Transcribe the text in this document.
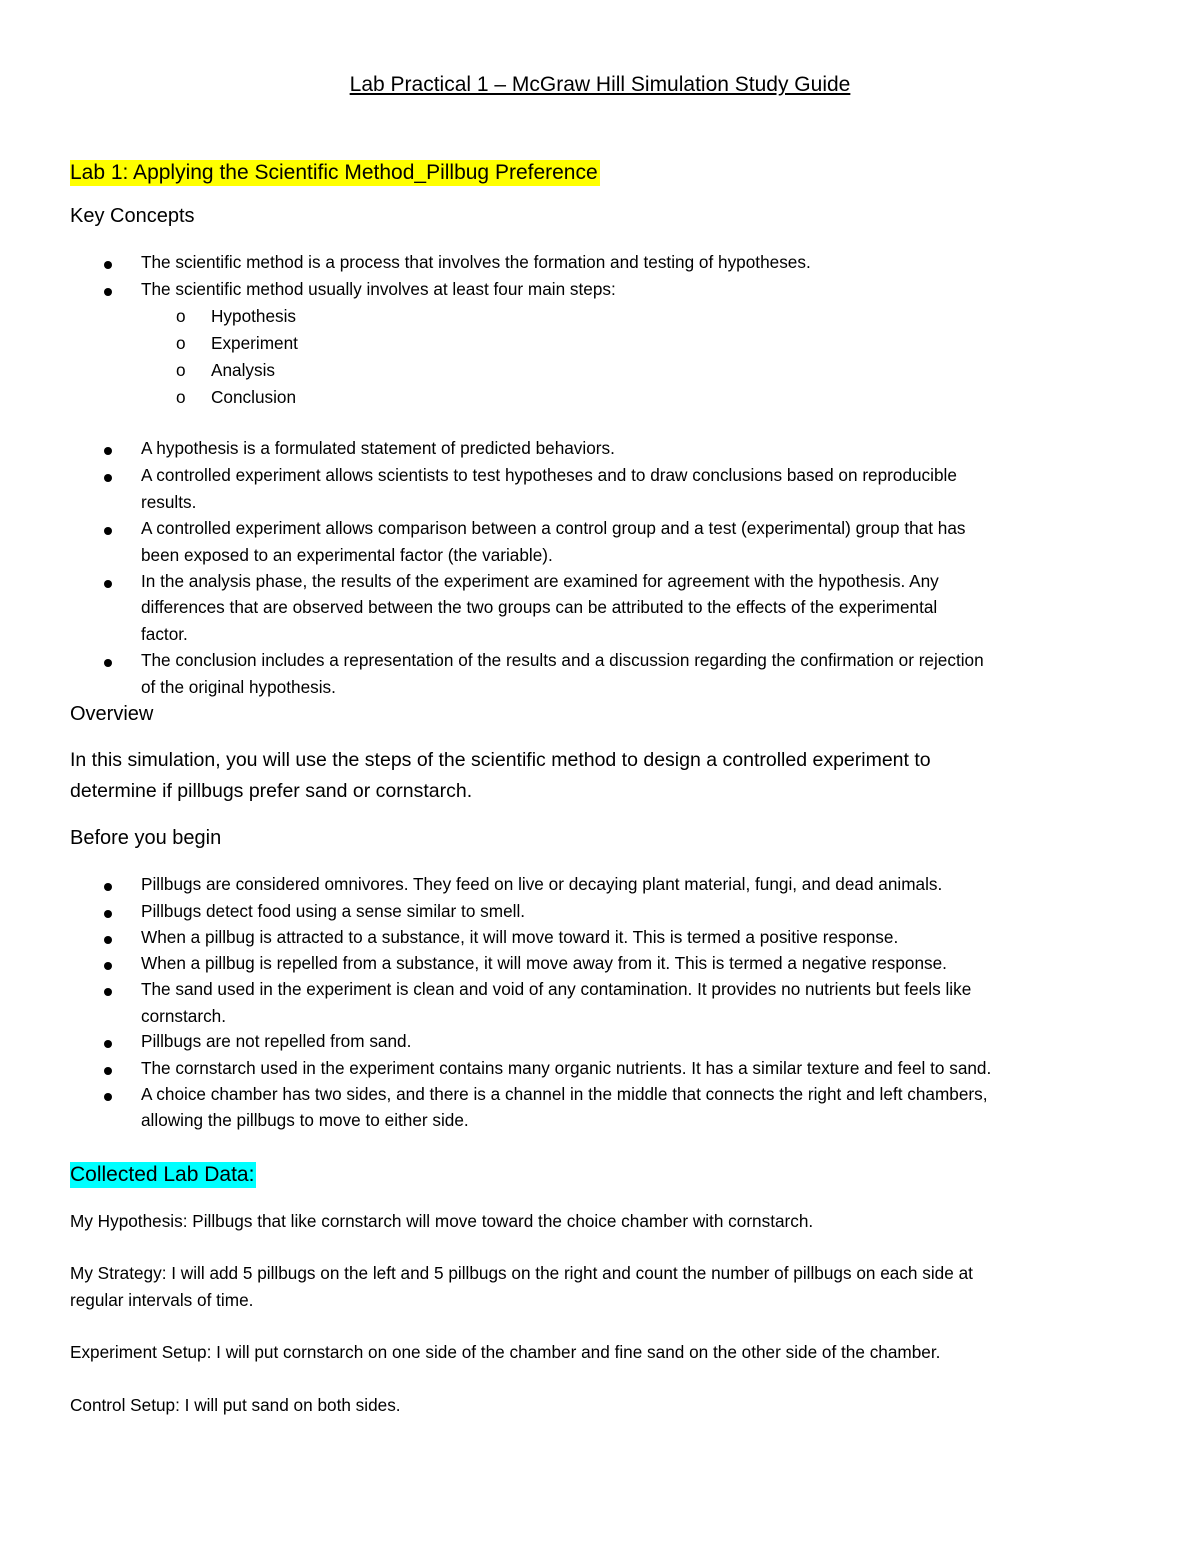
Lab Practical 1 – McGraw Hill Simulation Study Guide
Lab 1: Applying the Scientific Method_Pillbug Preference
Key Concepts
The scientific method is a process that involves the formation and testing of hypotheses.
The scientific method usually involves at least four main steps:
o Hypothesis
o Experiment
o Analysis
o Conclusion
A hypothesis is a formulated statement of predicted behaviors.
A controlled experiment allows scientists to test hypotheses and to draw conclusions based on reproducible
results.
A controlled experiment allows comparison between a control group and a test (experimental) group that has
been exposed to an experimental factor (the variable).
In the analysis phase, the results of the experiment are examined for agreement with the hypothesis. Any
differences that are observed between the two groups can be attributed to the effects of the experimental
factor.
The conclusion includes a representation of the results and a discussion regarding the confirmation or rejection
of the original hypothesis.
Overview
In this simulation, you will use the steps of the scientific method to design a controlled experiment to
determine if pillbugs prefer sand or cornstarch.
Before you begin
Pillbugs are considered omnivores. They feed on live or decaying plant material, fungi, and dead animals.
Pillbugs detect food using a sense similar to smell.
When a pillbug is attracted to a substance, it will move toward it. This is termed a positive response.
When a pillbug is repelled from a substance, it will move away from it. This is termed a negative response.
The sand used in the experiment is clean and void of any contamination. It provides no nutrients but feels like
cornstarch.
Pillbugs are not repelled from sand.
The cornstarch used in the experiment contains many organic nutrients. It has a similar texture and feel to sand.
A choice chamber has two sides, and there is a channel in the middle that connects the right and left chambers,
allowing the pillbugs to move to either side.
Collected Lab Data:
My Hypothesis: Pillbugs that like cornstarch will move toward the choice chamber with cornstarch.
My Strategy: I will add 5 pillbugs on the left and 5 pillbugs on the right and count the number of pillbugs on each side at
regular intervals of time.
Experiment Setup: I will put cornstarch on one side of the chamber and fine sand on the other side of the chamber.
Control Setup: I will put sand on both sides.
